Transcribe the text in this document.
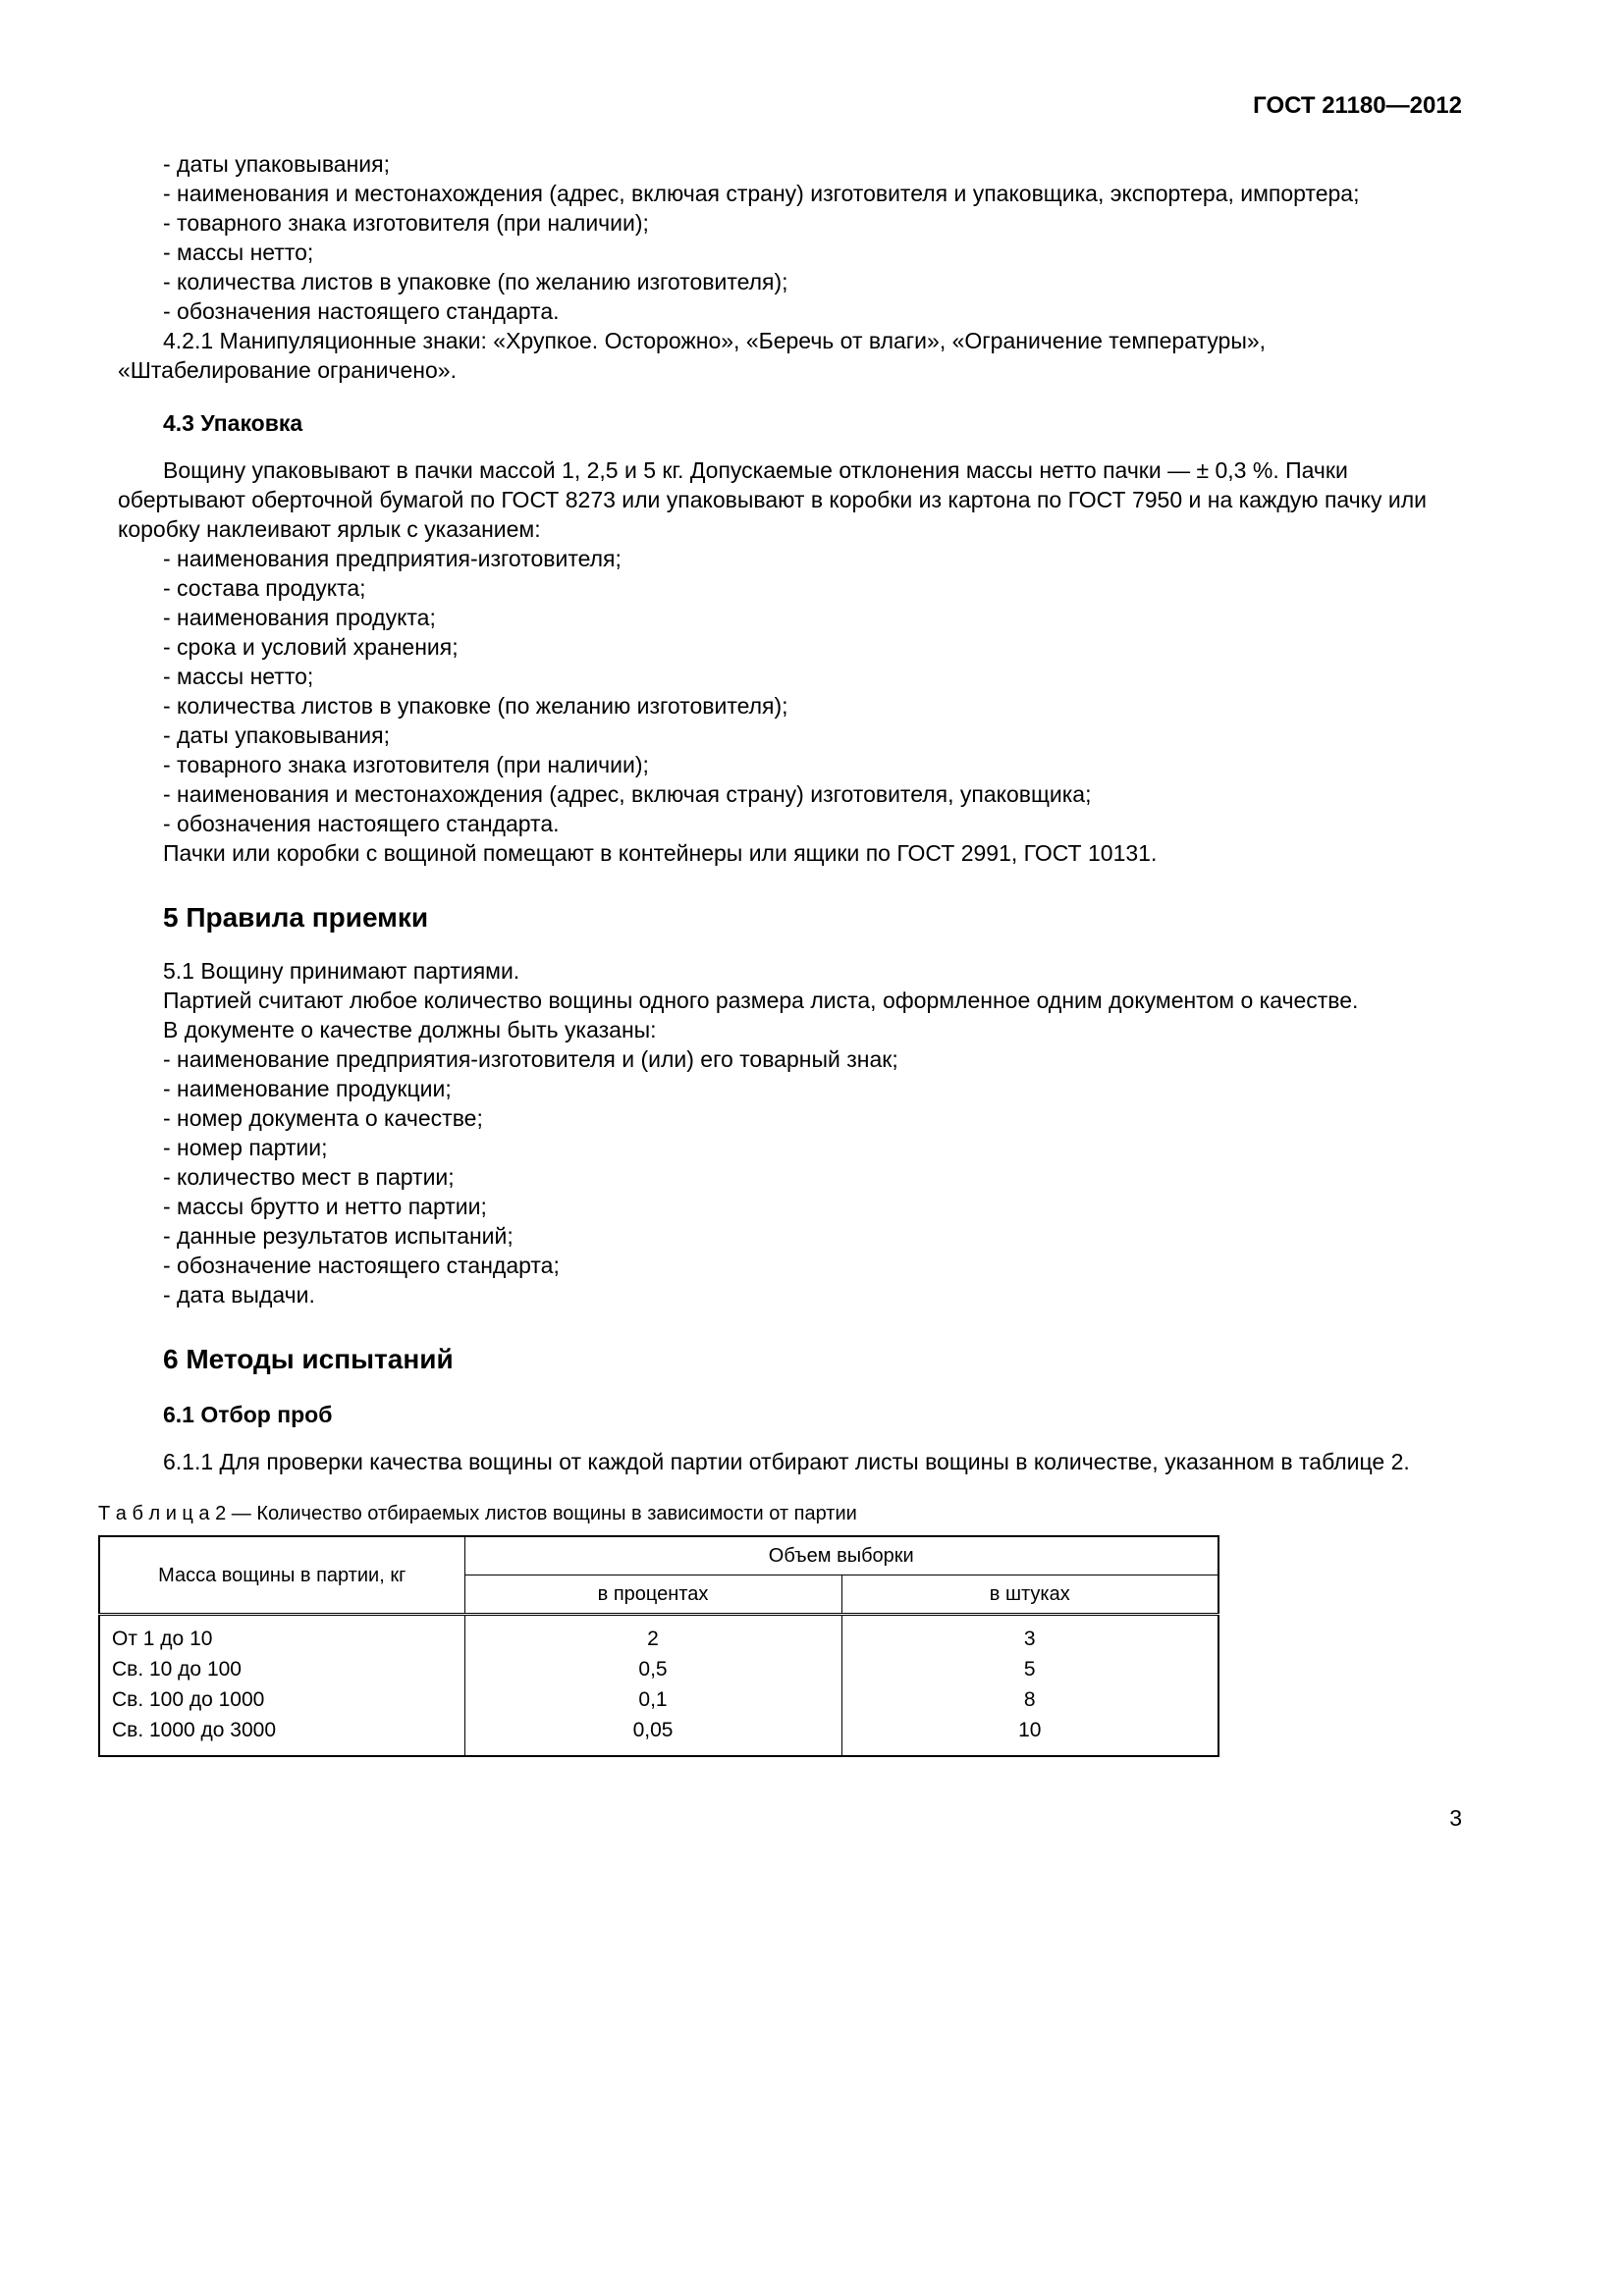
ГОСТ 21180—2012
- даты упаковывания;
- наименования и местонахождения (адрес, включая страну) изготовителя и упаковщика, экспортера, импортера;
- товарного знака изготовителя (при наличии);
- массы нетто;
- количества листов в упаковке (по желанию изготовителя);
- обозначения настоящего стандарта.
4.2.1 Манипуляционные знаки: «Хрупкое. Осторожно», «Беречь от влаги», «Ограничение температуры», «Штабелирование ограничено».
4.3 Упаковка
Вощину упаковывают в пачки массой 1, 2,5 и 5 кг. Допускаемые отклонения массы нетто пачки — ± 0,3 %. Пачки обертывают оберточной бумагой по ГОСТ 8273 или упаковывают в коробки из картона по ГОСТ 7950 и на каждую пачку или коробку наклеивают ярлык с указанием:
- наименования предприятия-изготовителя;
- состава продукта;
- наименования продукта;
- срока и условий хранения;
- массы нетто;
- количества листов в упаковке (по желанию изготовителя);
- даты упаковывания;
- товарного знака изготовителя (при наличии);
- наименования и местонахождения (адрес, включая страну) изготовителя, упаковщика;
- обозначения настоящего стандарта.
Пачки или коробки с вощиной помещают в контейнеры или ящики по ГОСТ 2991, ГОСТ 10131.
5 Правила приемки
5.1 Вощину принимают партиями.
Партией считают любое количество вощины одного размера листа, оформленное одним документом о качестве.
В документе о качестве должны быть указаны:
- наименование предприятия-изготовителя и (или) его товарный знак;
- наименование продукции;
- номер документа о качестве;
- номер партии;
- количество мест в партии;
- массы брутто и нетто партии;
- данные результатов испытаний;
- обозначение настоящего стандарта;
- дата выдачи.
6 Методы испытаний
6.1 Отбор проб
6.1.1 Для проверки качества вощины от каждой партии отбирают листы вощины в количестве, указанном в таблице 2.

Т а б л и ц а 2 — Количество отбираемых листов вощины в зависимости от партии

Масса вощины в партии, кг	Объем выборки	
	в процентах	в штуках
От 1 до 10	2	3
Св. 10 до 100	0,5	5
Св. 100 до 1000	0,1	8
Св. 1000 до 3000	0,05	10
3
